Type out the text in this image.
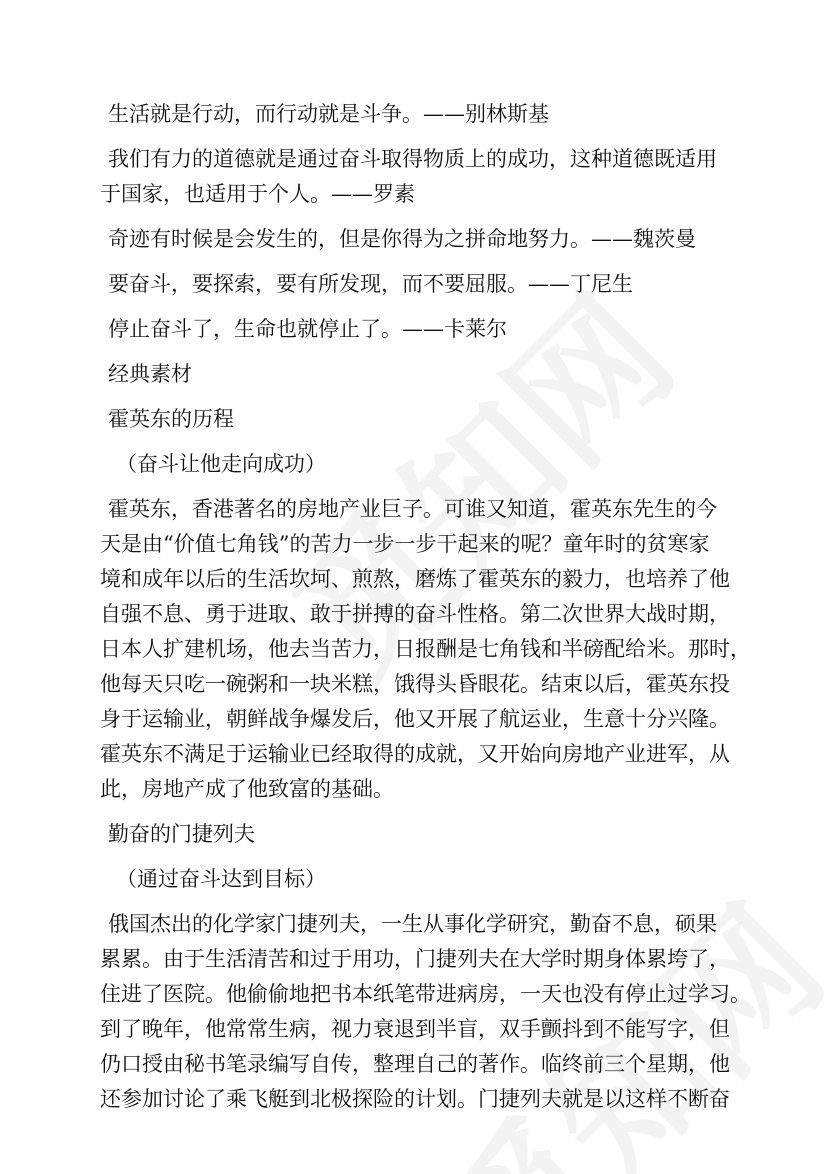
生活就是行动，而行动就是斗争。——别林斯基

我们有力的道德就是通过奋斗取得物质上的成功，这种道德既适用

于国家，也适用于个人。——罗素

奇迹有时候是会发生的，但是你得为之拼命地努力。——魏茨曼

要奋斗，要探索，要有所发现，而不要屈服。——丁尼生

停止奋斗了，生命也就停止了。——卡莱尔

经典素材

霍英东的历程

（奋斗让他走向成功）

霍英东，香港著名的房地产业巨子。可谁又知道，霍英东先生的今

天是由“价值七角钱”的苦力一步一步干起来的呢？童年时的贫寒家

境和成年以后的生活坎坷、煎熬，磨炼了霍英东的毅力，也培养了他

自强不息、勇于进取、敢于拼搏的奋斗性格。第二次世界大战时期，

日本人扩建机场，他去当苦力，日报酬是七角钱和半磅配给米。那时，

他每天只吃一碗粥和一块米糕，饿得头昏眼花。结束以后，霍英东投

身于运输业，朝鲜战争爆发后，他又开展了航运业，生意十分兴隆。

霍英东不满足于运输业已经取得的成就，又开始向房地产业进军，从

此，房地产成了他致富的基础。

勤奋的门捷列夫

（通过奋斗达到目标）

俄国杰出的化学家门捷列夫，一生从事化学研究，勤奋不息，硕果

累累。由于生活清苦和过于用功，门捷列夫在大学时期身体累垮了，

住进了医院。他偷偷地把书本纸笔带进病房，一天也没有停止过学习。

到了晚年，他常常生病，视力衰退到半盲，双手颤抖到不能写字，但

仍口授由秘书笔录编写自传，整理自己的著作。临终前三个星期，他

还参加讨论了乘飞艇到北极探险的计划。门捷列夫就是以这样不断奋
